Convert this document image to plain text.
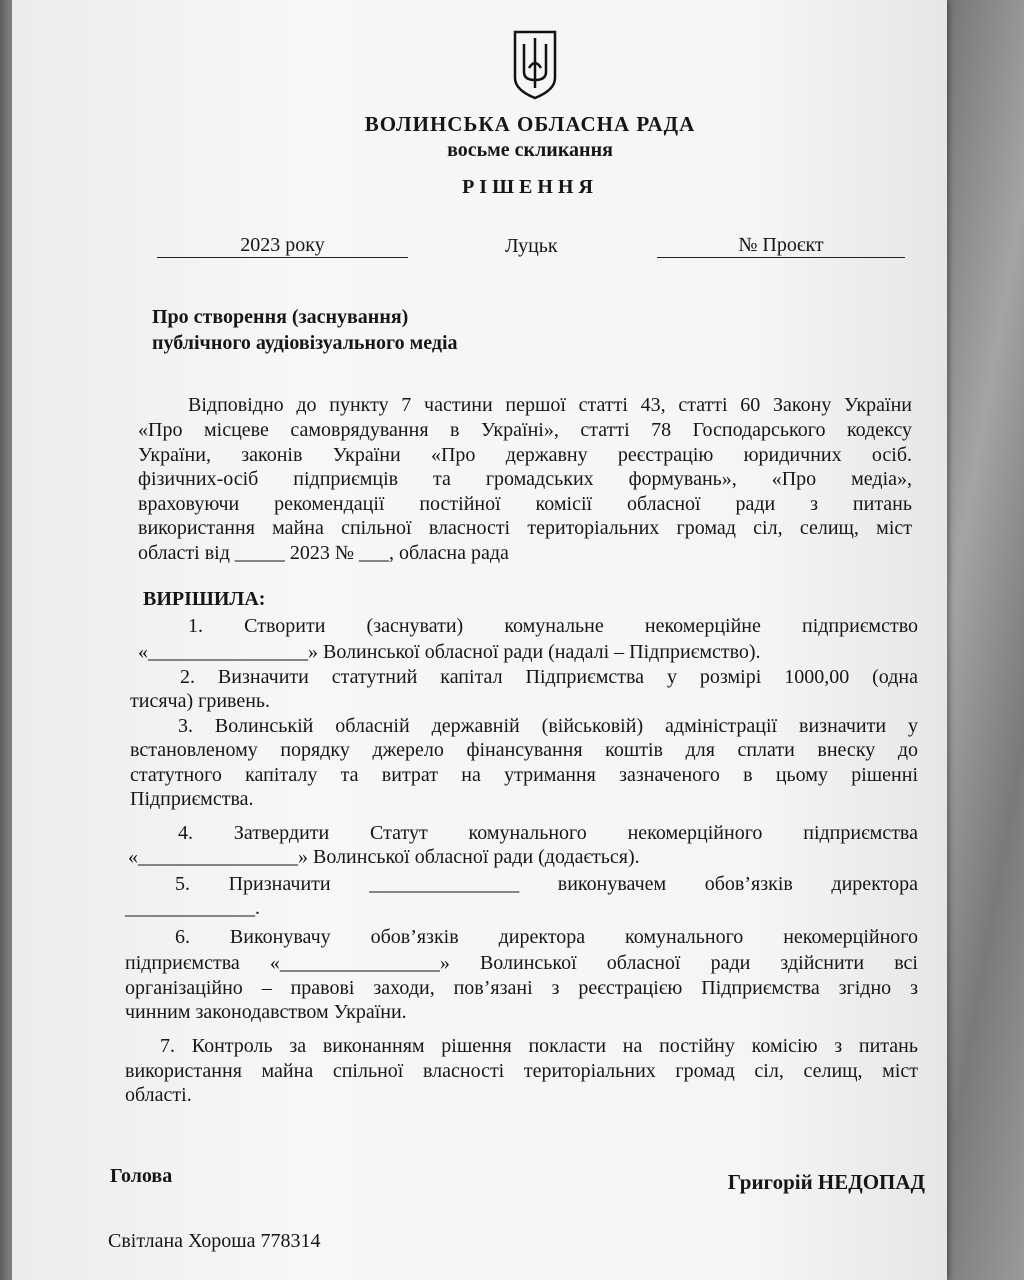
ВОЛИНСЬКА ОБЛАСНА РАДА
восьме скликання
РІШЕННЯ
2023 року	Луцьк	№ Проєкт
Про створення (заснування)
публічного аудіовізуального медіа
Відповідно до пункту 7 частини першої статті 43, статті 60 Закону України
«Про місцеве самоврядування в Україні», статті 78 Господарського кодексу
України, законів України «Про державну реєстрацію юридичних осіб.
фізичних-осіб підприємців та громадських формувань», «Про медіа»,
враховуючи рекомендації постійної комісії обласної ради з питань
використання майна спільної власності територіальних громад сіл, селищ, міст
області від _____ 2023 № ___, обласна рада
ВИРІШИЛА:
1. Створити (заснувати) комунальне некомерційне підприємство
«________________» Волинської обласної ради (надалі – Підприємство).
2. Визначити статутний капітал Підприємства у розмірі 1000,00 (одна
тисяча) гривень.
3. Волинській обласній державній (військовій) адміністрації визначити у
встановленому порядку джерело фінансування коштів для сплати внеску до
статутного капіталу та витрат на утримання зазначеного в цьому рішенні
Підприємства.
4. Затвердити Статут комунального некомерційного підприємства
«________________» Волинської обласної ради (додається).
5. Призначити _______________ виконувачем обов’язків директора
_____________.
6. Виконувачу обов’язків директора комунального некомерційного
підприємства «________________» Волинської обласної ради здійснити всі
організаційно – правові заходи, пов’язані з реєстрацією Підприємства згідно з
чинним законодавством України.
7. Контроль за виконанням рішення покласти на постійну комісію з питань
використання майна спільної власності територіальних громад сіл, селищ, міст
області.
Голова	Григорій НЕДОПАД
Світлана Хороша 778314
